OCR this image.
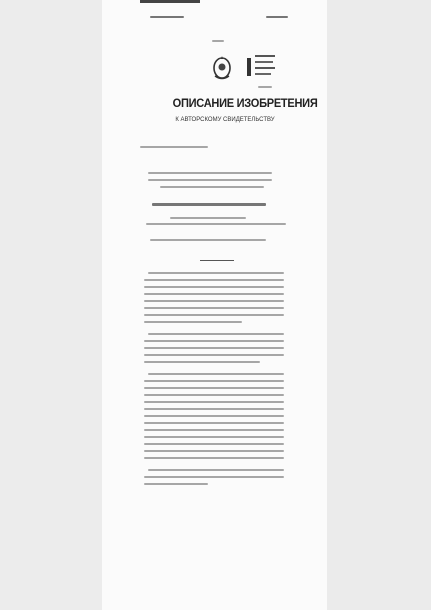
ОПИСАНИЕ ИЗОБРЕТЕНИЯ
К АВТОРСКОМУ СВИДЕТЕЛЬСТВУ
